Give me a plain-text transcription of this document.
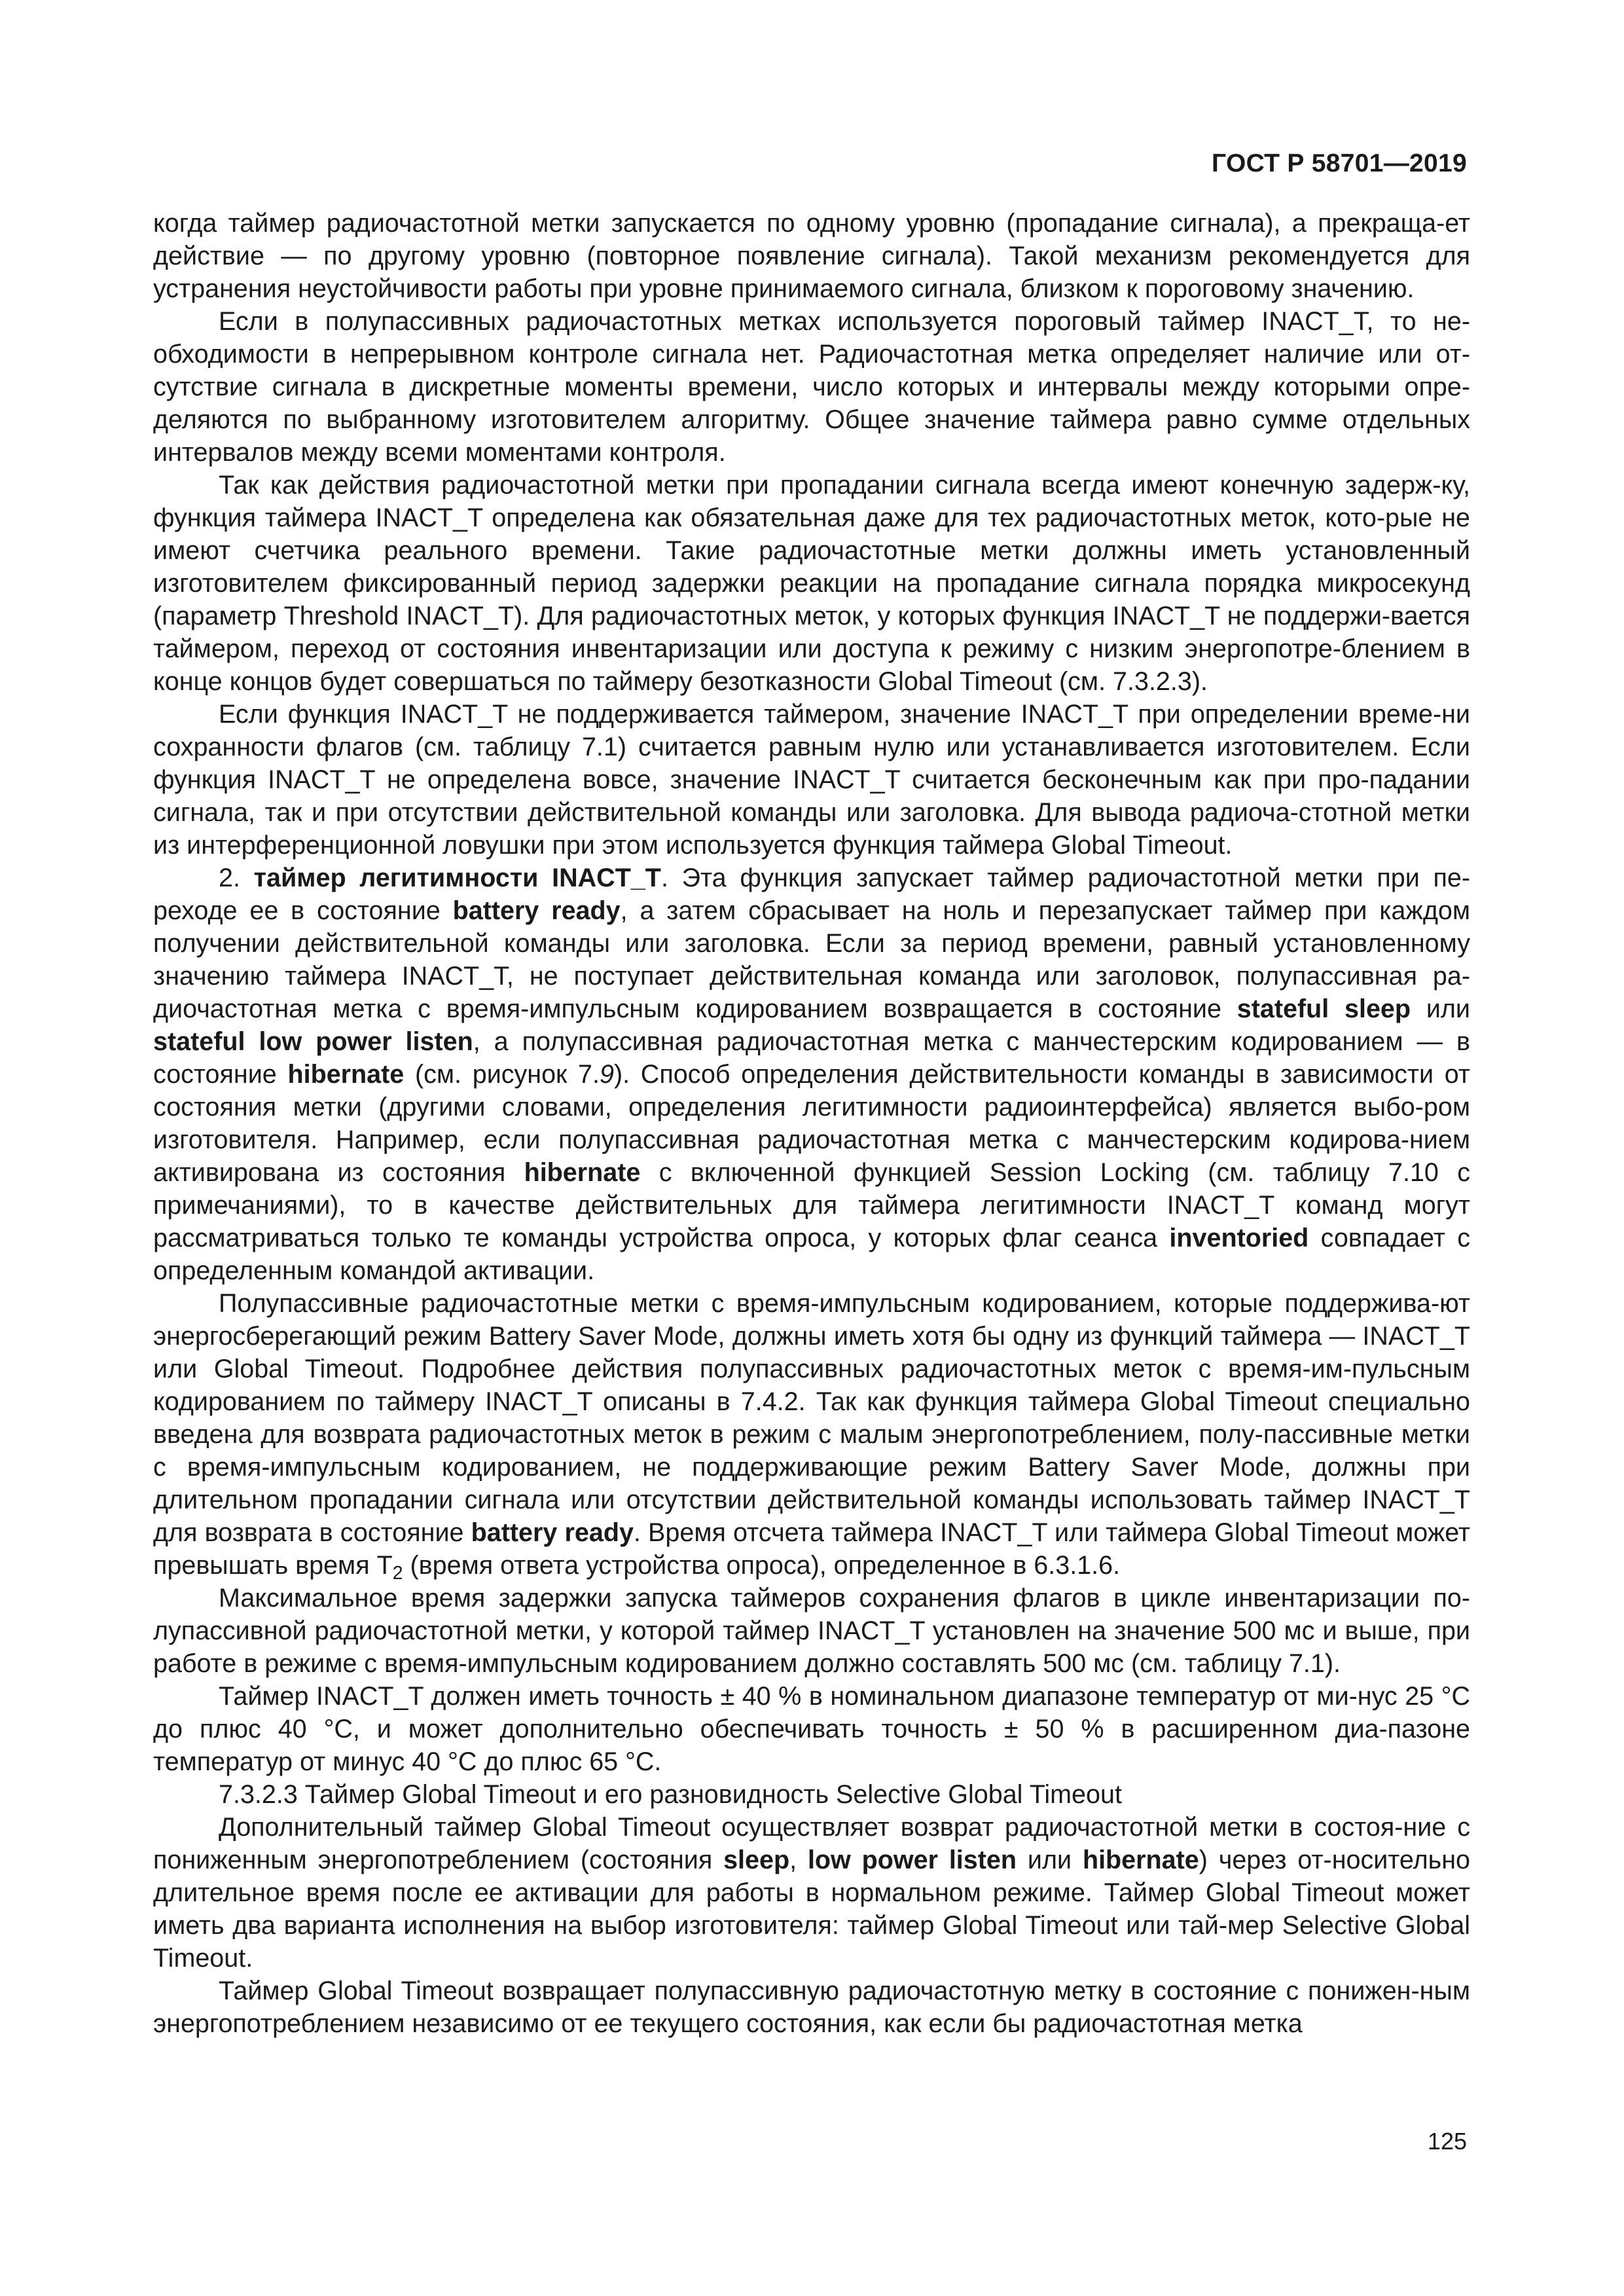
ГОСТ Р 58701—2019

когда таймер радиочастотной метки запускается по одному уровню (пропадание сигнала), а прекраща-ет действие — по другому уровню (повторное появление сигнала). Такой механизм рекомендуется для устранения неустойчивости работы при уровне принимаемого сигнала, близком к пороговому значению.

Если в полупассивных радиочастотных метках используется пороговый таймер INACT_T, то не-обходимости в непрерывном контроле сигнала нет. Радиочастотная метка определяет наличие или от-сутствие сигнала в дискретные моменты времени, число которых и интервалы между которыми опре-деляются по выбранному изготовителем алгоритму. Общее значение таймера равно сумме отдельных интервалов между всеми моментами контроля.

Так как действия радиочастотной метки при пропадании сигнала всегда имеют конечную задерж-ку, функция таймера INACT_T определена как обязательная даже для тех радиочастотных меток, кото-рые не имеют счетчика реального времени. Такие радиочастотные метки должны иметь установленный изготовителем фиксированный период задержки реакции на пропадание сигнала порядка микросекунд (параметр Threshold INACT_T). Для радиочастотных меток, у которых функция INACT_T не поддержи-вается таймером, переход от состояния инвентаризации или доступа к режиму с низким энергопотре-блением в конце концов будет совершаться по таймеру безотказности Global Timeout (см. 7.3.2.3).

Если функция INACT_T не поддерживается таймером, значение INACT_T при определении време-ни сохранности флагов (см. таблицу 7.1) считается равным нулю или устанавливается изготовителем. Если функция INACT_T не определена вовсе, значение INACT_T считается бесконечным как при про-падании сигнала, так и при отсутствии действительной команды или заголовка. Для вывода радиоча-стотной метки из интерференционной ловушки при этом используется функция таймера Global Timeout.

2. таймер легитимности INACT_T. Эта функция запускает таймер радиочастотной метки при пе-реходе ее в состояние battery ready, а затем сбрасывает на ноль и перезапускает таймер при каждом получении действительной команды или заголовка. Если за период времени, равный установленному значению таймера INACT_T, не поступает действительная команда или заголовок, полупассивная ра-диочастотная метка с время-импульсным кодированием возвращается в состояние stateful sleep или stateful low power listen, а полупассивная радиочастотная метка с манчестерским кодированием — в состояние hibernate (см. рисунок 7.9). Способ определения действительности команды в зависимости от состояния метки (другими словами, определения легитимности радиоинтерфейса) является выбо-ром изготовителя. Например, если полупассивная радиочастотная метка с манчестерским кодирова-нием активирована из состояния hibernate с включенной функцией Session Locking (см. таблицу 7.10 с примечаниями), то в качестве действительных для таймера легитимности INACT_T команд могут рассматриваться только те команды устройства опроса, у которых флаг сеанса inventoried совпадает с определенным командой активации.

Полупассивные радиочастотные метки с время-импульсным кодированием, которые поддержива-ют энергосберегающий режим Battery Saver Mode, должны иметь хотя бы одну из функций таймера — INACT_T или Global Timeout. Подробнее действия полупассивных радиочастотных меток с время-им-пульсным кодированием по таймеру INACT_T описаны в 7.4.2. Так как функция таймера Global Timeout специально введена для возврата радиочастотных меток в режим с малым энергопотреблением, полу-пассивные метки с время-импульсным кодированием, не поддерживающие режим Battery Saver Mode, должны при длительном пропадании сигнала или отсутствии действительной команды использовать таймер INACT_T для возврата в состояние battery ready. Время отсчета таймера INACT_T или таймера Global Timeout может превышать время $T_2$ (время ответа устройства опроса), определенное в 6.3.1.6.

Максимальное время задержки запуска таймеров сохранения флагов в цикле инвентаризации по-лупассивной радиочастотной метки, у которой таймер INACT_T установлен на значение 500 мс и выше, при работе в режиме с время-импульсным кодированием должно составлять 500 мс (см. таблицу 7.1).

Таймер INACT_T должен иметь точность ± 40 % в номинальном диапазоне температур от ми-нус 25 °С до плюс 40 °С, и может дополнительно обеспечивать точность ± 50 % в расширенном диа-пазоне температур от минус 40 °С до плюс 65 °С.

7.3.2.3 Таймер Global Timeout и его разновидность Selective Global Timeout

Дополнительный таймер Global Timeout осуществляет возврат радиочастотной метки в состоя-ние с пониженным энергопотреблением (состояния sleep, low power listen или hibernate) через от-носительно длительное время после ее активации для работы в нормальном режиме. Таймер Global Timeout может иметь два варианта исполнения на выбор изготовителя: таймер Global Timeout или тай-мер Selective Global Timeout.

Таймер Global Timeout возвращает полупассивную радиочастотную метку в состояние с понижен-ным энергопотреблением независимо от ее текущего состояния, как если бы радиочастотная метка

125
